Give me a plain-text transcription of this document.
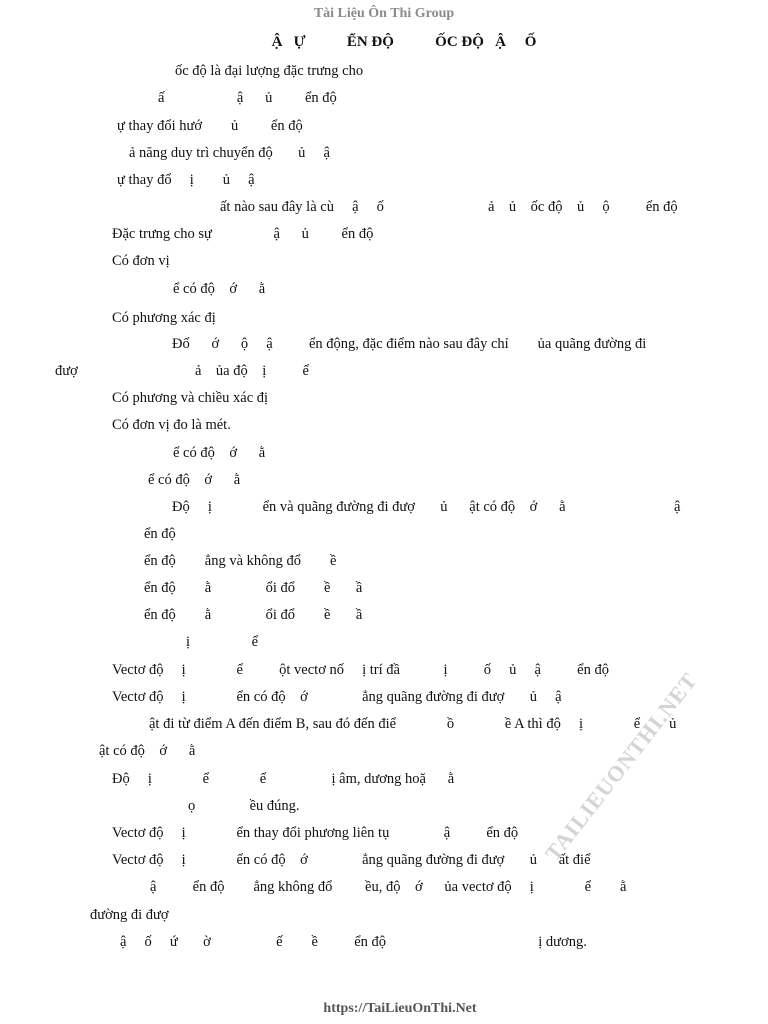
Tài Liệu Ôn Thi Group
Ậ   Ự           ỂN ĐỘ           ỐC ĐỘ   Ậ     Ố
ốc độ là đại lượng đặc trưng cho
ấ                    ậ      ủ         ển độ
ự thay đổi hướ        ủ         ển độ
ả năng duy trì chuyển độ       ủ     ậ
ự thay đổ     ị        ủ     ậ
ất nào sau đây là cù     ậ     ố	ả    ủ    ốc độ    ủ     ộ          ển độ
Đặc trưng cho sự                 ậ      ủ         ển độ
Có đơn vị
ể có độ    ớ      ằ
Có phương xác đị
Đố      ớ      ộ     ậ          ển động, đặc điểm nào sau đây chỉ        ủa quãng đường đi
đượ	ả    ủa độ    ị          ể
Có phương và chiều xác đị
Có đơn vị đo là mét.
ể có độ    ớ      ằ
ể có độ    ớ      ằ
Độ     ị              ển và quãng đường đi đượ       ủ      ật có độ    ớ      ằ	ậ
ển độ
ển độ        ẳng và không đổ        ề
ển độ        ằ               ổi đổ        ề       ầ
ển độ        ằ               ổi đổ        ề       ầ
ị                 ể
Vectơ độ     ị              ể          ột vectơ nố     ị trí đầ            ị          ố     ủ     ậ          ển độ
Vectơ độ     ị              ển có độ    ớ               ẳng quãng đường đi đượ       ủ     ậ
ật đi từ điểm A đến điểm B, sau đó đến điể              ồ              ề A thì độ     ị              ể        ủ
ật có độ    ớ      ằ
Độ     ị              ể              ể                  ị âm, dương hoặ      ằ
ọ               ều đúng.
Vectơ độ     ị              ển thay đổi phương liên tụ               ậ          ển độ
Vectơ độ     ị              ển có độ    ớ               ẳng quãng đường đi đượ       ủ      ất điể
ậ          ển độ        ẳng không đổ         ều, độ    ớ      ủa vectơ độ     ị              ể        ằ
đường đi đượ
ậ     ố     ứ       ờ                  ế        ề          ển độ                                          ị dương.
TAILIEUONTHI.NET
https://TaiLieuOnThi.Net
